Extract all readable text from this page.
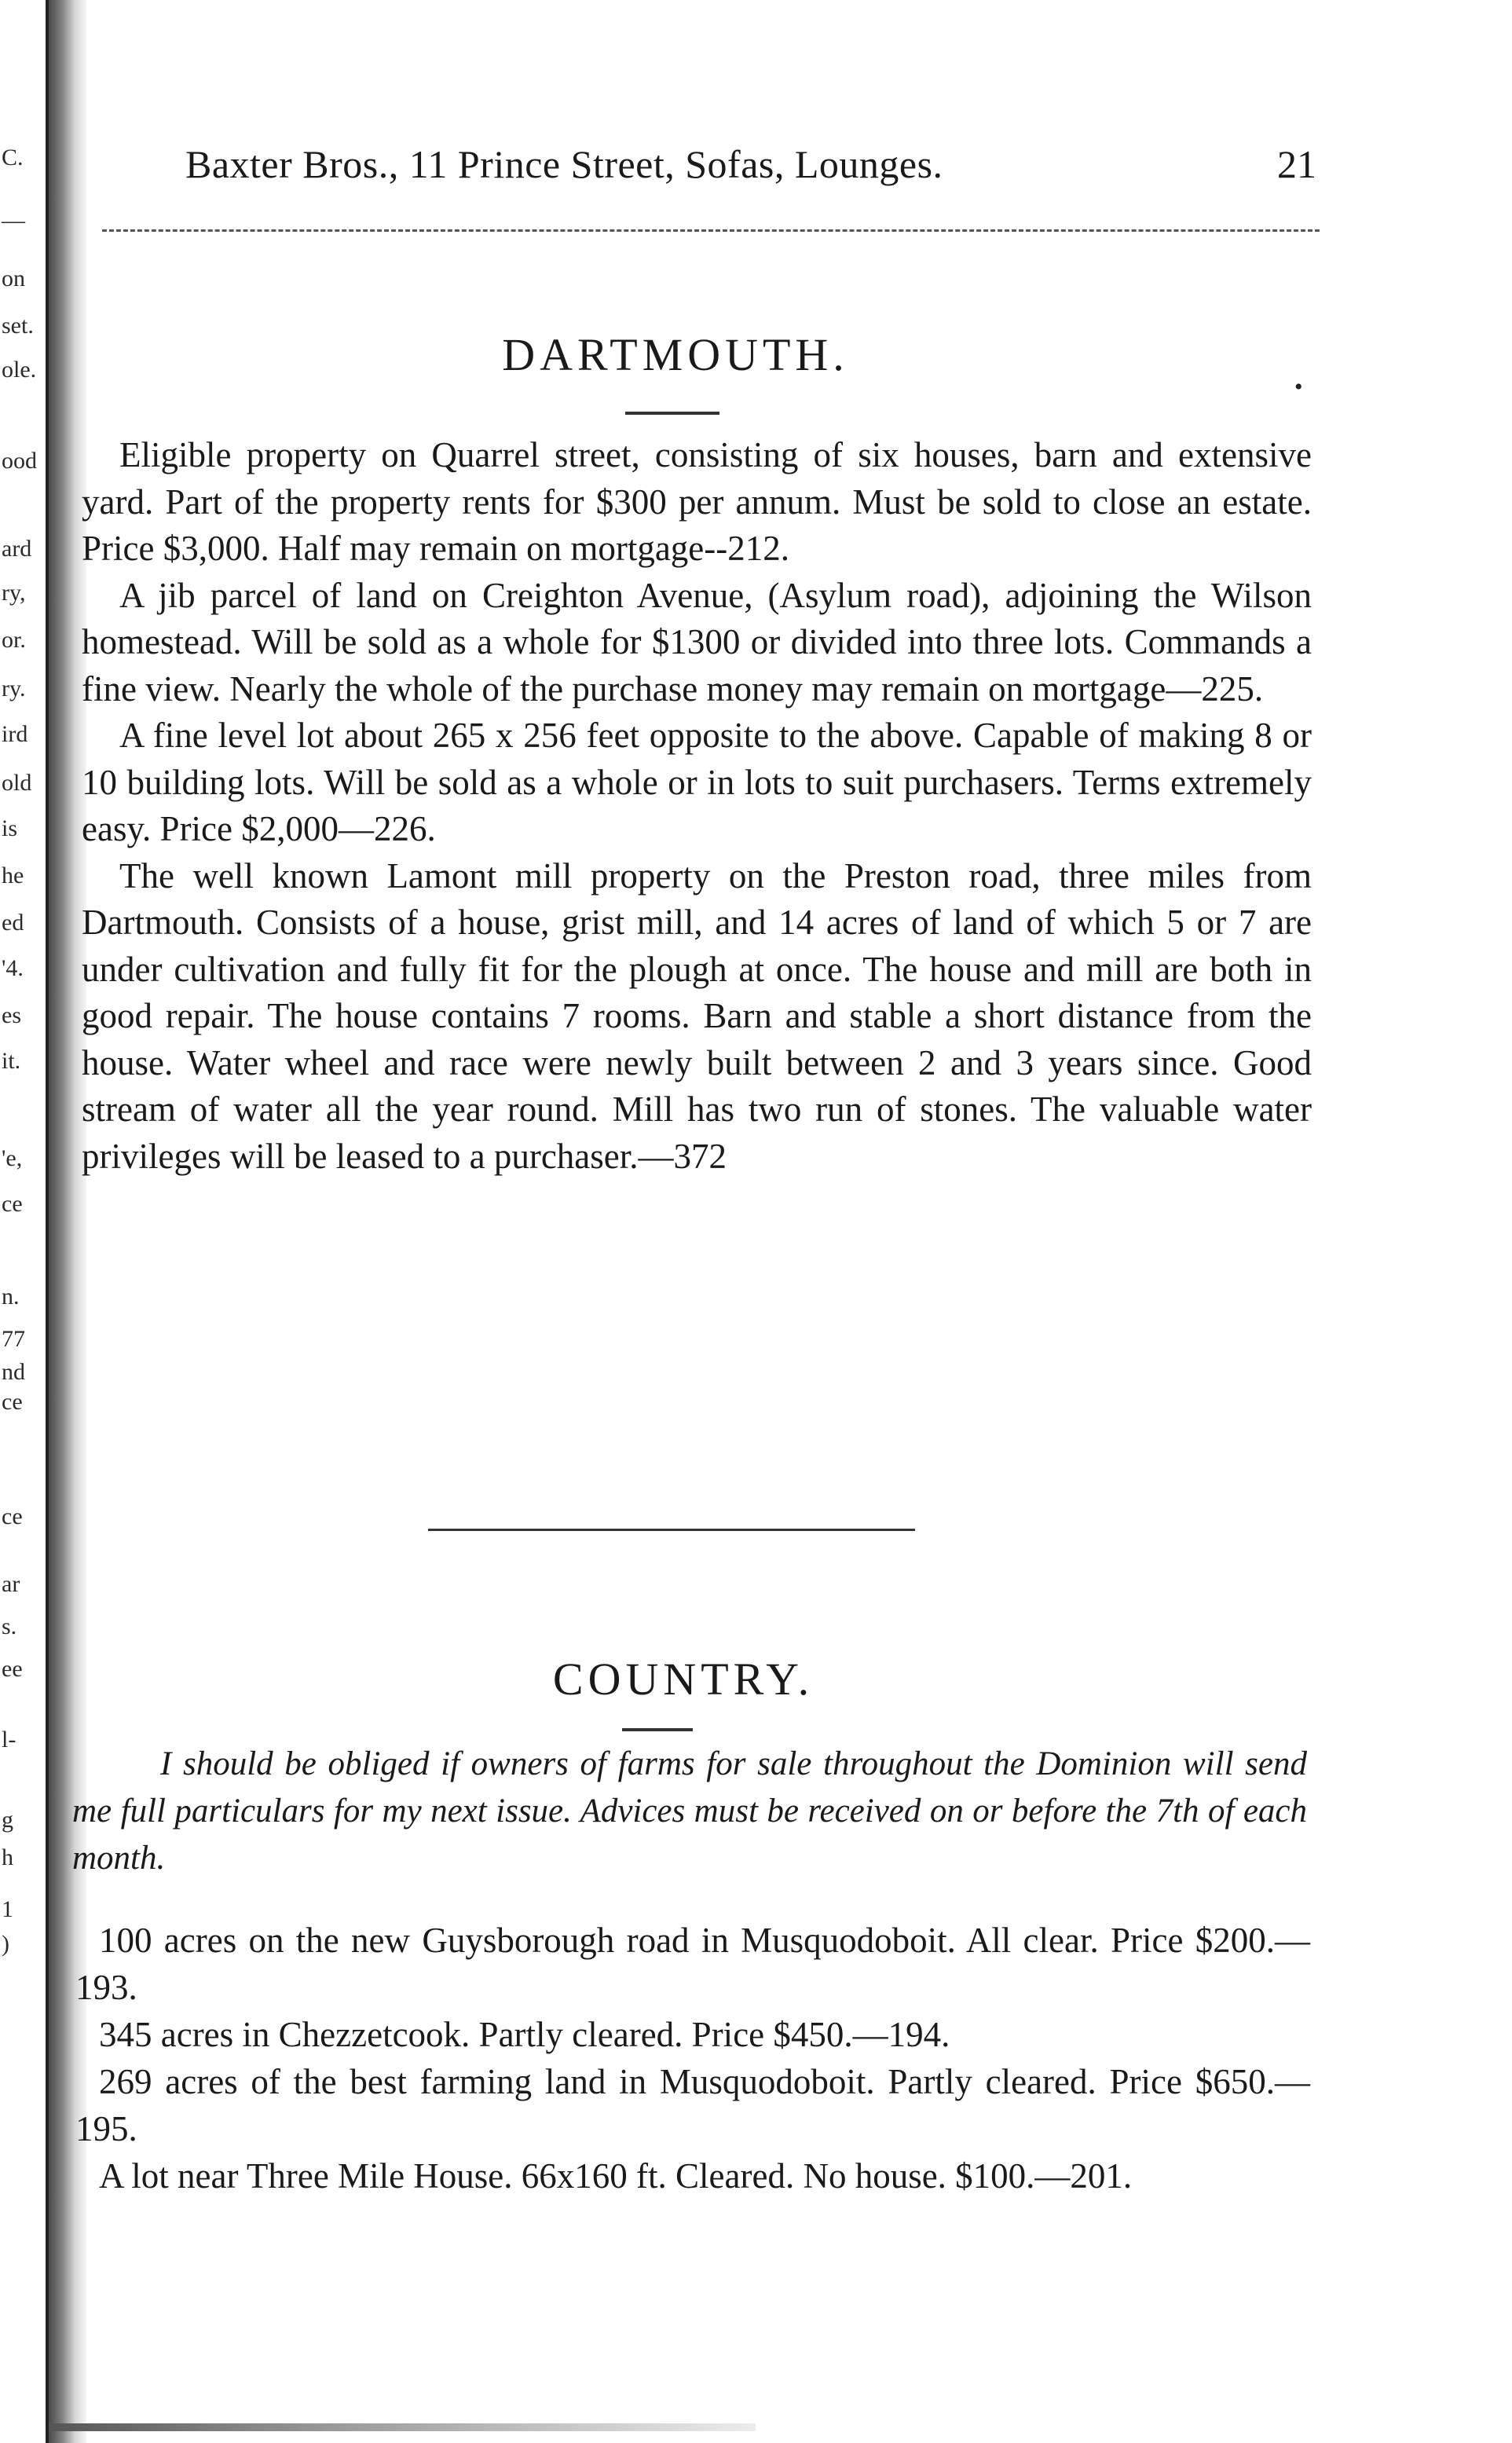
C.
—
on
set.
ole.
ood
ard
ry,
or.
ry.
ird
old
is
he
ed
'4.
es
it.
'e,
ce
n.
77
nd
ce
ce
ar
s.
ee
l-
g
h
1
)
Baxter Bros., 11 Prince Street, Sofas, Lounges.	21
DARTMOUTH.
•

Eligible property on Quarrel street, consisting of six houses, barn and extensive yard. Part of the property rents for $300 per annum. Must be sold to close an estate. Price $3,000. Half may remain on mortgage--212.

A jib parcel of land on Creighton Avenue, (Asylum road), adjoining the Wilson homestead. Will be sold as a whole for $1300 or divided into three lots. Commands a fine view. Nearly the whole of the purchase money may remain on mortgage—225.

A fine level lot about 265 x 256 feet opposite to the above. Capable of making 8 or 10 building lots. Will be sold as a whole or in lots to suit purchasers. Terms extremely easy. Price $2,000—226.

The well known Lamont mill property on the Preston road, three miles from Dartmouth. Consists of a house, grist mill, and 14 acres of land of which 5 or 7 are under cultivation and fully fit for the plough at once. The house and mill are both in good repair. The house contains 7 rooms. Barn and stable a short distance from the house. Water wheel and race were newly built between 2 and 3 years since. Good stream of water all the year round. Mill has two run of stones. The valuable water privileges will be leased to a purchaser.—372

COUNTRY.

I should be obliged if owners of farms for sale throughout the Dominion will send me full particulars for my next issue. Advices must be received on or before the 7th of each month.

100 acres on the new Guysborough road in Musquodoboit. All clear. Price $200.—193.

345 acres in Chezzetcook. Partly cleared. Price $450.—194.

269 acres of the best farming land in Musquodoboit. Partly cleared. Price $650.—195.

A lot near Three Mile House. 66x160 ft. Cleared. No house. $100.—201.
